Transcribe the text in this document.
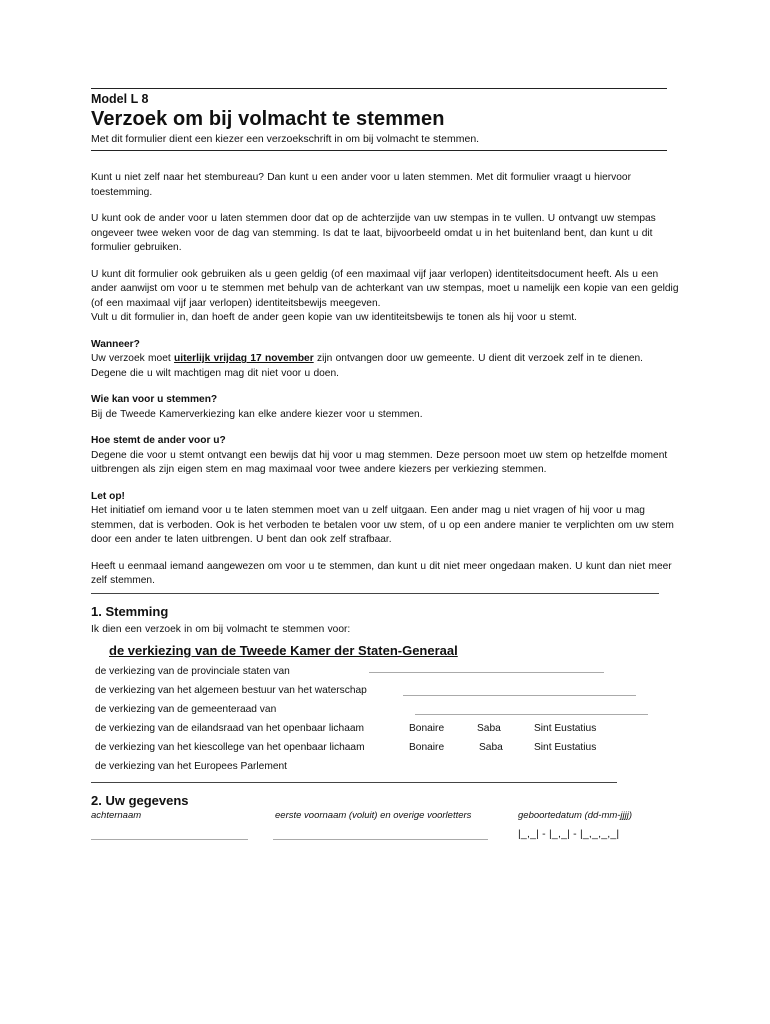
Model L 8
Verzoek om bij volmacht te stemmen
Met dit formulier dient een kiezer een verzoekschrift in om bij volmacht te stemmen.

Kunt u niet zelf naar het stembureau? Dan kunt u een ander voor u laten stemmen. Met dit formulier vraagt u hiervoor toestemming.

U kunt ook de ander voor u laten stemmen door dat op de achterzijde van uw stempas in te vullen. U ontvangt uw stempas ongeveer twee weken voor de dag van stemming. Is dat te laat, bijvoorbeeld omdat u in het buitenland bent, dan kunt u dit formulier gebruiken.

U kunt dit formulier ook gebruiken als u geen geldig (of een maximaal vijf jaar verlopen) identiteitsdocument heeft. Als u een ander aanwijst om voor u te stemmen met behulp van de achterkant van uw stempas, moet u namelijk een kopie van een geldig (of een maximaal vijf jaar verlopen) identiteitsbewijs meegeven.

Vult u dit formulier in, dan hoeft de ander geen kopie van uw identiteitsbewijs te tonen als hij voor u stemt.

Wanneer?

Uw verzoek moet uiterlijk vrijdag 17 november zijn ontvangen door uw gemeente. U dient dit verzoek zelf in te dienen. Degene die u wilt machtigen mag dit niet voor u doen.

Wie kan voor u stemmen?

Bij de Tweede Kamerverkiezing kan elke andere kiezer voor u stemmen.

Hoe stemt de ander voor u?

Degene die voor u stemt ontvangt een bewijs dat hij voor u mag stemmen. Deze persoon moet uw stem op hetzelfde moment uitbrengen als zijn eigen stem en mag maximaal voor twee andere kiezers per verkiezing stemmen.

Let op!

Het initiatief om iemand voor u te laten stemmen moet van u zelf uitgaan. Een ander mag u niet vragen of hij voor u mag stemmen, dat is verboden. Ook is het verboden te betalen voor uw stem, of u op een andere manier te verplichten om uw stem door een ander te laten uitbrengen. U bent dan ook zelf strafbaar.

Heeft u eenmaal iemand aangewezen om voor u te stemmen, dan kunt u dit niet meer ongedaan maken. U kunt dan niet meer zelf stemmen.

1. Stemming

Ik dien een verzoek in om bij volmacht te stemmen voor:

de verkiezing van de Tweede Kamer der Staten-Generaal
de verkiezing van de provinciale staten van
de verkiezing van het algemeen bestuur van het waterschap
de verkiezing van de gemeenteraad van
de verkiezing van de eilandsraad van het openbaar lichaam	Bonaire	Saba	Sint Eustatius
de verkiezing van het kiescollege van het openbaar lichaam	Bonaire	Saba	Sint Eustatius
de verkiezing van het Europees Parlement
2. Uw gegevens
achternaam	eerste voornaam (voluit) en overige voorletters	geboortedatum (dd-mm-jjjj)
|_,_| - |_,_| - |_,_,_,_|
